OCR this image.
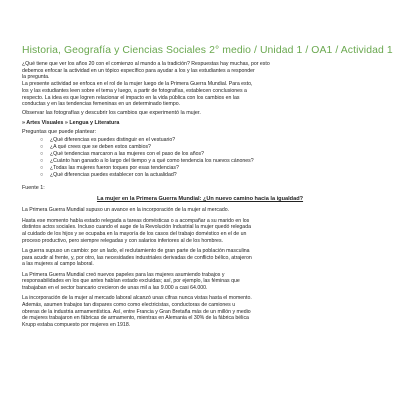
Historia, Geografía y Ciencias Sociales 2° medio / Unidad 1 / OA1 / Actividad 1

¿Qué tiene que ver los años 20 con el comienzo al mundo a la tradición? Respuestas hay muchas, por esto
debemos enfocar la actividad en un tópico específico para ayudar a los y las estudiantes a responder
la pregunta.
La presente actividad se enfoca en el rol de la mujer luego de la Primera Guerra Mundial. Para esto,
los y las estudiantes leen sobre el tema y luego, a partir de fotografías, establecen conclusiones a
respecto. La idea es que logren relacionar el impacto en la vida pública con los cambios en las
conductas y en las tendencias femeninas en un determinado tiempo.

Observar las fotografías y descubrir los cambios que experimentó la mujer.

» Artes Visuales » Lengua y Literatura

Preguntas que puede plantear:

○	¿Qué diferencias es puedes distinguir en el vestuario?
○	¿A qué crees que se deben estos cambios?
○	¿Qué tendencias marcaron a las mujeres con el paso de los años?
○	¿Cuánto han ganado a lo largo del tiempo y a qué como tendencia los nuevos cánones?
○	¿Todas las mujeres fueron toques por esas tendencias?
○	¿Qué diferencias puedes establecer con la actualidad?

Fuente 1:

La mujer en la Primera Guerra Mundial: ¿Un nuevo camino hacia la igualdad?

La Primera Guerra Mundial supuso un avance en la incorporación de la mujer al mercado.

Hasta ese momento había estado relegada a tareas domésticas o a acompañar a su marido en los
distintos actos sociales. Incluso cuando el auge de la Revolución Industrial la mujer quedó relegada
al cuidado de los hijos y se ocupaba en la mayoría de los casos del trabajo doméstico en el de un
proceso productivo, pero siempre relegadas y con salarios inferiores al de los hombres.

La guerra supuso un cambio: por un lado, el reclutamiento de gran parte de la población masculina
para acudir al frente, y, por otro, las necesidades industriales derivadas de conflicto bélico, atrajeron
a las mujeres al campo laboral.

La Primera Guerra Mundial creó nuevos papeles para las mujeres asumiendo trabajos y
responsabilidades en los que antes habían estado excluidas; así, por ejemplo, las féminas que
trabajaban en el sector bancario crecieron de unas mil a las 9.000 a casi 64.000.

La incorporación de la mujer al mercado laboral alcanzó unas cifras nunca vistas hasta el momento.
Además, asumen trabajos tan dispares como como electricistas, conductoras de camiones u
obreras de la industria armamentística. Así, entre Francia y Gran Bretaña más de un millón y medio
de mujeres trabajaron en fábricas de armamento, mientras en Alemania el 30% de la fábrica bélica
Krupp estaba compuesto por mujeres en 1918.
